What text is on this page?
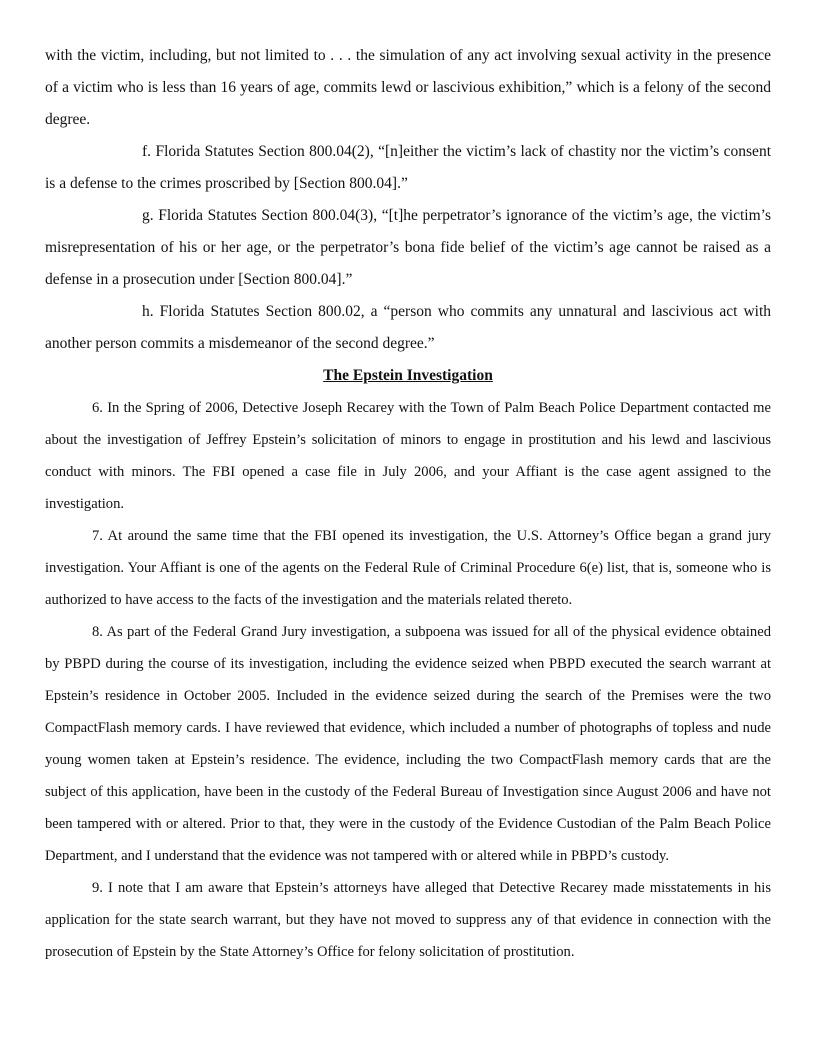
with the victim, including, but not limited to . . . the simulation of any act involving sexual activity in the presence of a victim who is less than 16 years of age, commits lewd or lascivious exhibition,” which is a felony of the second degree.

f. Florida Statutes Section 800.04(2), “[n]either the victim’s lack of chastity nor the victim’s consent is a defense to the crimes proscribed by [Section 800.04].”

g. Florida Statutes Section 800.04(3), “[t]he perpetrator’s ignorance of the victim’s age, the victim’s misrepresentation of his or her age, or the perpetrator’s bona fide belief of the victim’s age cannot be raised as a defense in a prosecution under [Section 800.04].”

h. Florida Statutes Section 800.02, a “person who commits any unnatural and lascivious act with another person commits a misdemeanor of the second degree.”

The Epstein Investigation

6. In the Spring of 2006, Detective Joseph Recarey with the Town of Palm Beach Police Department contacted me about the investigation of Jeffrey Epstein’s solicitation of minors to engage in prostitution and his lewd and lascivious conduct with minors. The FBI opened a case file in July 2006, and your Affiant is the case agent assigned to the investigation.

7. At around the same time that the FBI opened its investigation, the U.S. Attorney’s Office began a grand jury investigation. Your Affiant is one of the agents on the Federal Rule of Criminal Procedure 6(e) list, that is, someone who is authorized to have access to the facts of the investigation and the materials related thereto.

8. As part of the Federal Grand Jury investigation, a subpoena was issued for all of the physical evidence obtained by PBPD during the course of its investigation, including the evidence seized when PBPD executed the search warrant at Epstein’s residence in October 2005. Included in the evidence seized during the search of the Premises were the two CompactFlash memory cards. I have reviewed that evidence, which included a number of photographs of topless and nude young women taken at Epstein’s residence. The evidence, including the two CompactFlash memory cards that are the subject of this application, have been in the custody of the Federal Bureau of Investigation since August 2006 and have not been tampered with or altered. Prior to that, they were in the custody of the Evidence Custodian of the Palm Beach Police Department, and I understand that the evidence was not tampered with or altered while in PBPD’s custody.

9. I note that I am aware that Epstein’s attorneys have alleged that Detective Recarey made misstatements in his application for the state search warrant, but they have not moved to suppress any of that evidence in connection with the prosecution of Epstein by the State Attorney’s Office for felony solicitation of prostitution.
